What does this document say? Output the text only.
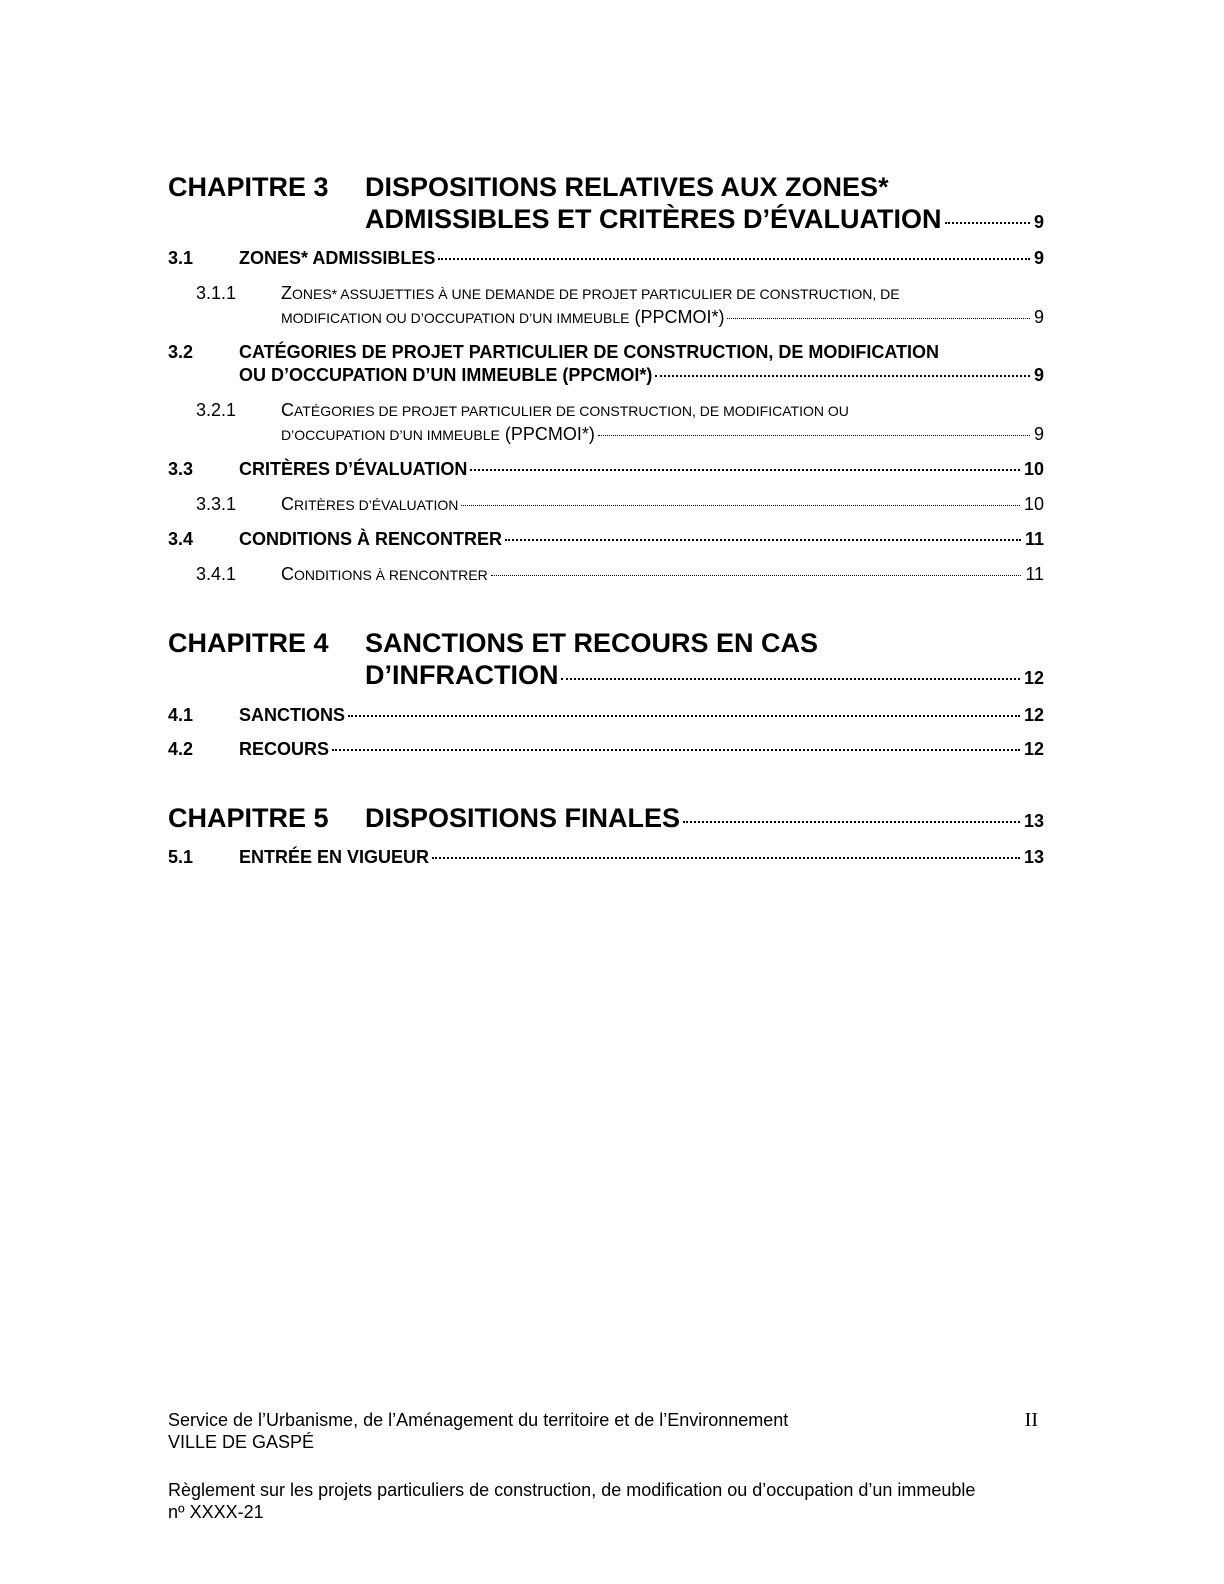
CHAPITRE 3	DISPOSITIONS RELATIVES AUX ZONES*
ADMISSIBLES ET CRITÈRES D’ÉVALUATION	9
3.1	ZONES* ADMISSIBLES	9
3.1.1	ZONES* ASSUJETTIES À UNE DEMANDE DE PROJET PARTICULIER DE CONSTRUCTION, DE
MODIFICATION OU D’OCCUPATION D’UN IMMEUBLE (PPCMOI*)	9
3.2	CATÉGORIES DE PROJET PARTICULIER DE CONSTRUCTION, DE MODIFICATION
OU D’OCCUPATION D’UN IMMEUBLE (PPCMOI*)	9
3.2.1	CATÉGORIES DE PROJET PARTICULIER DE CONSTRUCTION, DE MODIFICATION OU
D’OCCUPATION D’UN IMMEUBLE (PPCMOI*)	9
3.3	CRITÈRES D’ÉVALUATION	10
3.3.1	CRITÈRES D’ÉVALUATION	10
3.4	CONDITIONS À RENCONTRER	11
3.4.1	CONDITIONS À RENCONTRER	11
CHAPITRE 4	SANCTIONS ET RECOURS EN CAS
D’INFRACTION	12
4.1	SANCTIONS	12
4.2	RECOURS	12
CHAPITRE 5	DISPOSITIONS FINALES	13
5.1	ENTRÉE EN VIGUEUR	13
Service de l’Urbanisme, de l’Aménagement du territoire et de l’Environnement
VILLE DE GASPÉ
II
Règlement sur les projets particuliers de construction, de modification ou d’occupation d’un immeuble nº XXXX-21
